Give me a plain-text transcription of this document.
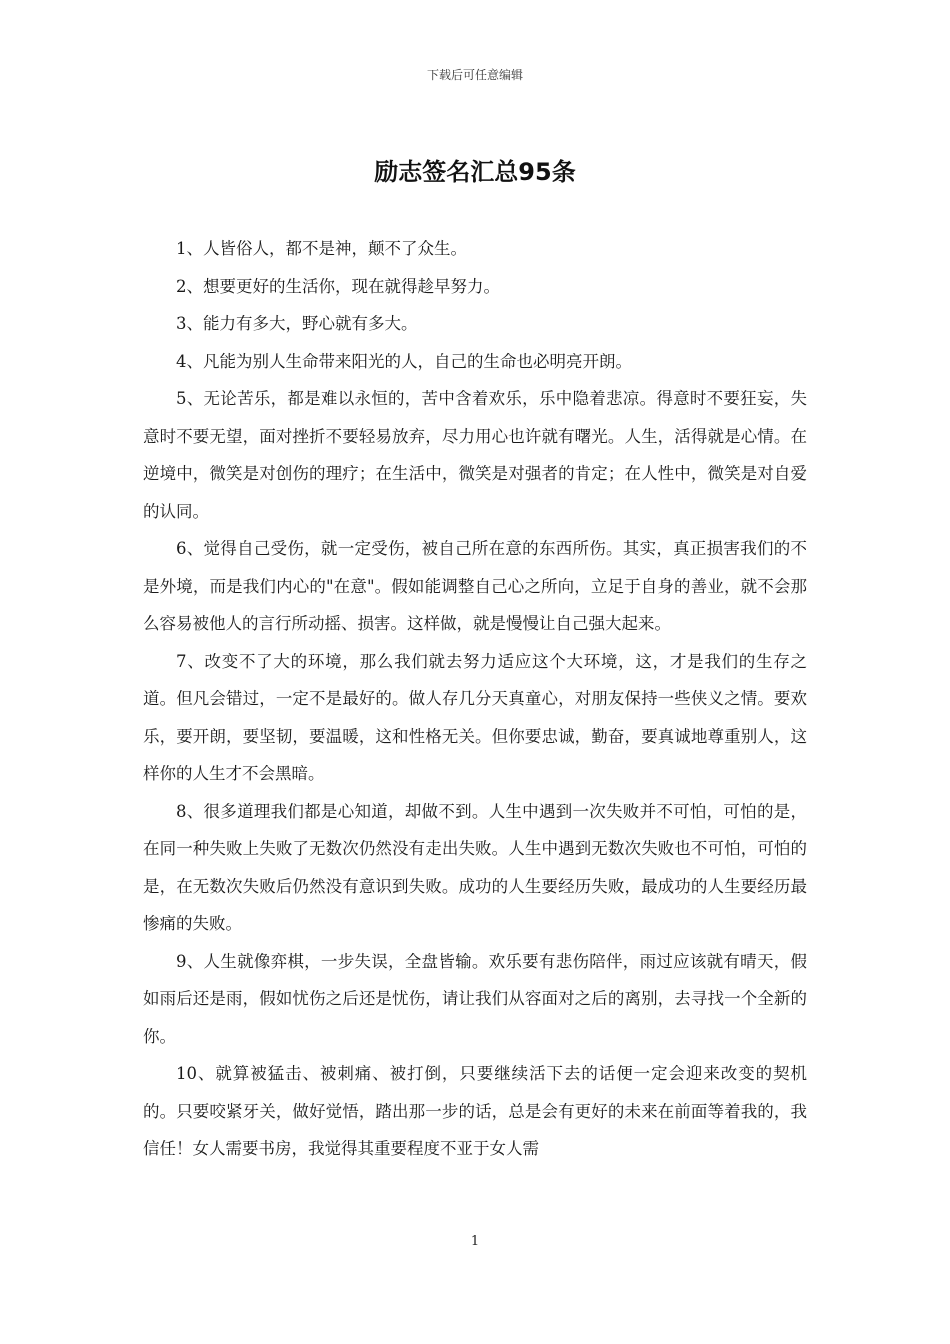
下载后可任意编辑
励志签名汇总95条

1、人皆俗人，都不是神，颠不了众生。

2、想要更好的生活你，现在就得趁早努力。

3、能力有多大，野心就有多大。

4、凡能为别人生命带来阳光的人，自己的生命也必明亮开朗。

5、无论苦乐，都是难以永恒的，苦中含着欢乐，乐中隐着悲凉。得意时不要狂妄，失意时不要无望，面对挫折不要轻易放弃，尽力用心也许就有曙光。人生，活得就是心情。在逆境中，微笑是对创伤的理疗；在生活中，微笑是对强者的肯定；在人性中，微笑是对自爱的认同。

6、觉得自己受伤，就一定受伤，被自己所在意的东西所伤。其实，真正损害我们的不是外境，而是我们内心的"在意"。假如能调整自己心之所向，立足于自身的善业，就不会那么容易被他人的言行所动摇、损害。这样做，就是慢慢让自己强大起来。

7、改变不了大的环境，那么我们就去努力适应这个大环境，这，才是我们的生存之道。但凡会错过，一定不是最好的。做人存几分天真童心，对朋友保持一些侠义之情。要欢乐，要开朗，要坚韧，要温暖，这和性格无关。但你要忠诚，勤奋，要真诚地尊重别人，这样你的人生才不会黑暗。

8、很多道理我们都是心知道，却做不到。人生中遇到一次失败并不可怕，可怕的是，在同一种失败上失败了无数次仍然没有走出失败。人生中遇到无数次失败也不可怕，可怕的是，在无数次失败后仍然没有意识到失败。成功的人生要经历失败，最成功的人生要经历最惨痛的失败。

9、人生就像弈棋，一步失误，全盘皆输。欢乐要有悲伤陪伴，雨过应该就有晴天，假如雨后还是雨，假如忧伤之后还是忧伤，请让我们从容面对之后的离别，去寻找一个全新的你。

10、就算被猛击、被刺痛、被打倒，只要继续活下去的话便一定会迎来改变的契机的。只要咬紧牙关，做好觉悟，踏出那一步的话，总是会有更好的未来在前面等着我的，我信任！女人需要书房，我觉得其重要程度不亚于女人需

1
